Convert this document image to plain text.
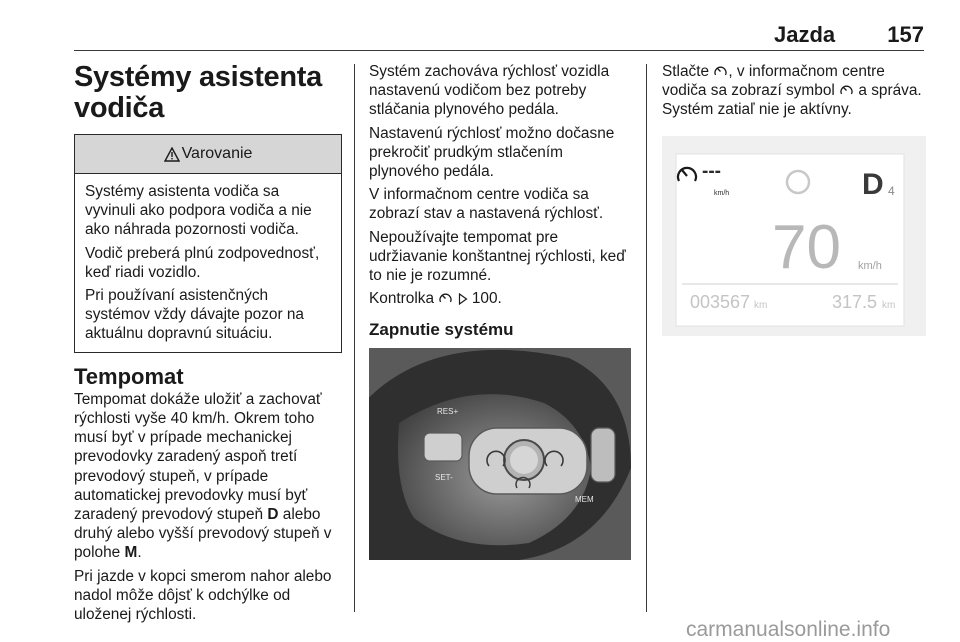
Jazda	157
Systémy asistenta
vodiča
Varovanie

Systémy asistenta vodiča sa vyvinuli ako podpora vodiča a nie ako náhrada pozornosti vodiča.

Vodič preberá plnú zodpovednosť, keď riadi vozidlo.

Pri používaní asistenčných systémov vždy dávajte pozor na aktuálnu dopravnú situáciu.

Tempomat

Tempomat dokáže uložiť a zachovať rýchlosti vyše 40 km/h. Okrem toho musí byť v prípade mechanickej prevodovky zaradený aspoň tretí prevodový stupeň, v prípade automatickej prevodovky musí byť zaradený prevodový stupeň D alebo druhý alebo vyšší prevodový stupeň v polohe M.

Pri jazde v kopci smerom nahor alebo nadol môže dôjsť k odchýlke od uloženej rýchlosti.

Systém zachováva rýchlosť vozidla nastavenú vodičom bez potreby stláčania plynového pedála.

Nastavenú rýchlosť možno dočasne prekročiť prudkým stlačením plynového pedála.

V informačnom centre vodiča sa zobrazí stav a nastavená rýchlosť.

Nepoužívajte tempomat pre udržiavanie konštantnej rýchlosti, keď to nie je rozumné.

Kontrolka   100.

Zapnutie systému
RES+
SET-
MEM

Stlačte , v informačnom centre vodiča sa zobrazí symbol  a správa. Systém zatiaľ nie je aktívny.

---
km/h	D 4
70 km/h
003567 km	317.5 km
carmanualsonline.info
